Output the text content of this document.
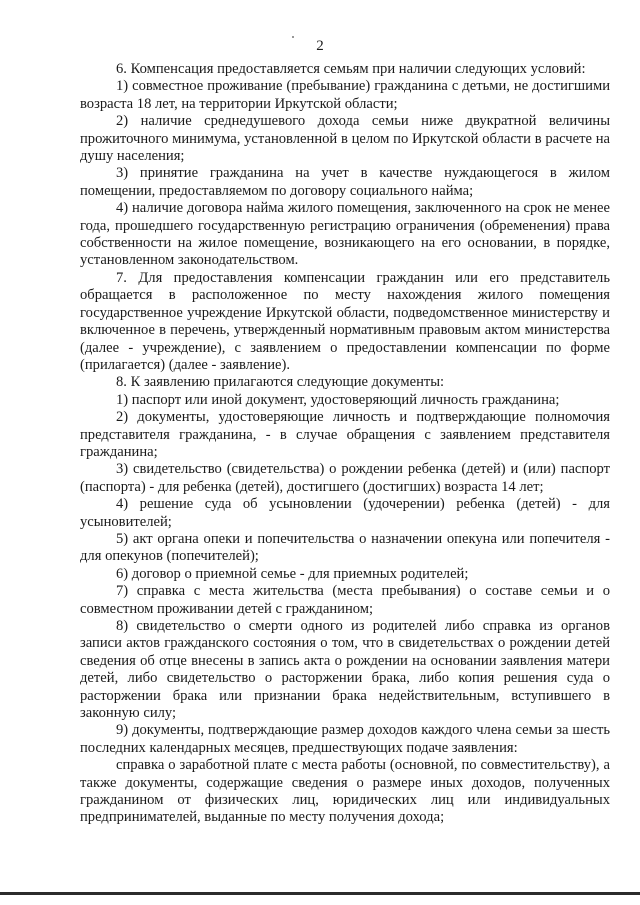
2

6. Компенсация предоставляется семьям при наличии следующих условий:

1) совместное проживание (пребывание) гражданина с детьми, не достигшими возраста 18 лет, на территории Иркутской области;

2) наличие среднедушевого дохода семьи ниже двукратной величины прожиточного минимума, установленной в целом по Иркутской области в расчете на душу населения;

3) принятие гражданина на учет в качестве нуждающегося в жилом помещении, предоставляемом по договору социального найма;

4) наличие договора найма жилого помещения, заключенного на срок не менее года, прошедшего государственную регистрацию ограничения (обременения) права собственности на жилое помещение, возникающего на его основании, в порядке, установленном законодательством.

7. Для предоставления компенсации гражданин или его представитель обращается в расположенное по месту нахождения жилого помещения государственное учреждение Иркутской области, подведомственное министерству и включенное в перечень, утвержденный нормативным правовым актом министерства (далее - учреждение), с заявлением о предоставлении компенсации по форме (прилагается) (далее - заявление).

8. К заявлению прилагаются следующие документы:

1) паспорт или иной документ, удостоверяющий личность гражданина;

2) документы, удостоверяющие личность и подтверждающие полномочия представителя гражданина, - в случае обращения с заявлением представителя гражданина;

3) свидетельство (свидетельства) о рождении ребенка (детей) и (или) паспорт (паспорта) - для ребенка (детей), достигшего (достигших) возраста 14 лет;

4) решение суда об усыновлении (удочерении) ребенка (детей) - для усыновителей;

5) акт органа опеки и попечительства о назначении опекуна или попечителя - для опекунов (попечителей);

6) договор о приемной семье - для приемных родителей;

7) справка с места жительства (места пребывания) о составе семьи и о совместном проживании детей с гражданином;

8) свидетельство о смерти одного из родителей либо справка из органов записи актов гражданского состояния о том, что в свидетельствах о рождении детей сведения об отце внесены в запись акта о рождении на основании заявления матери детей, либо свидетельство о расторжении брака, либо копия решения суда о расторжении брака или признании брака недействительным, вступившего в законную силу;

9) документы, подтверждающие размер доходов каждого члена семьи за шесть последних календарных месяцев, предшествующих подаче заявления:

справка о заработной плате с места работы (основной, по совместительству), а также документы, содержащие сведения о размере иных доходов, полученных гражданином от физических лиц, юридических лиц или индивидуальных предпринимателей, выданные по месту получения дохода;
